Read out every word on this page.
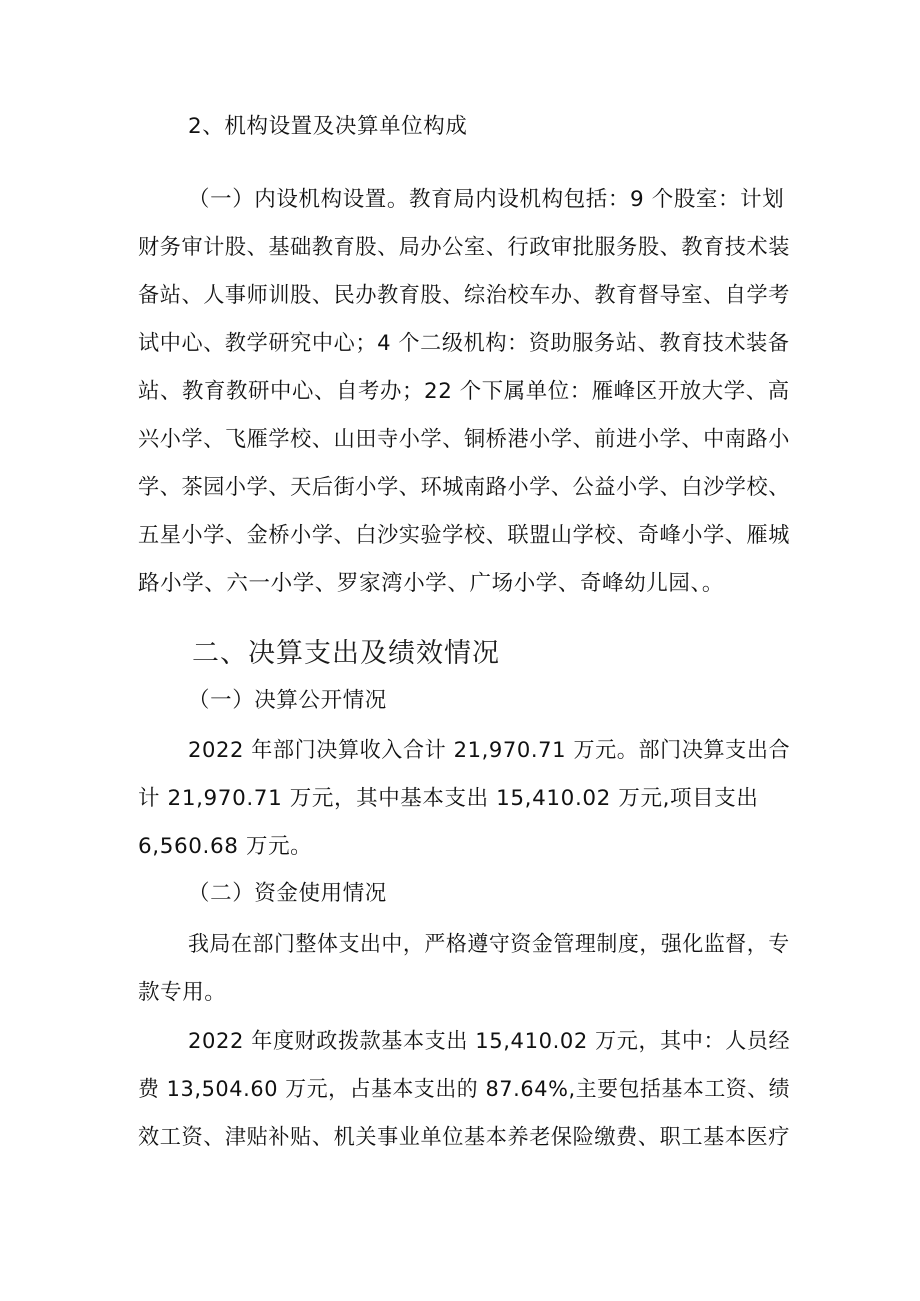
2、机构设置及决算单位构成
（一）内设机构设置。教育局内设机构包括：9 个股室：计划
财务审计股、基础教育股、局办公室、行政审批服务股、教育技术装
备站、人事师训股、民办教育股、综治校车办、教育督导室、自学考
试中心、教学研究中心；4 个二级机构：资助服务站、教育技术装备
站、教育教研中心、自考办；22 个下属单位：雁峰区开放大学、高
兴小学、飞雁学校、山田寺小学、铜桥港小学、前进小学、中南路小
学、茶园小学、天后街小学、环城南路小学、公益小学、白沙学校、
五星小学、金桥小学、白沙实验学校、联盟山学校、奇峰小学、雁城
路小学、六一小学、罗家湾小学、广场小学、奇峰幼儿园、。
二、决算支出及绩效情况
（一）决算公开情况
2022 年部门决算收入合计 21,970.71 万元。部门决算支出合
计 21,970.71 万元，其中基本支出 15,410.02 万元,项目支出
6,560.68 万元。
（二）资金使用情况
我局在部门整体支出中，严格遵守资金管理制度，强化监督，专
款专用。
2022 年度财政拨款基本支出 15,410.02 万元，其中：人员经
费 13,504.60 万元，占基本支出的 87.64%,主要包括基本工资、绩
效工资、津贴补贴、机关事业单位基本养老保险缴费、职工基本医疗
